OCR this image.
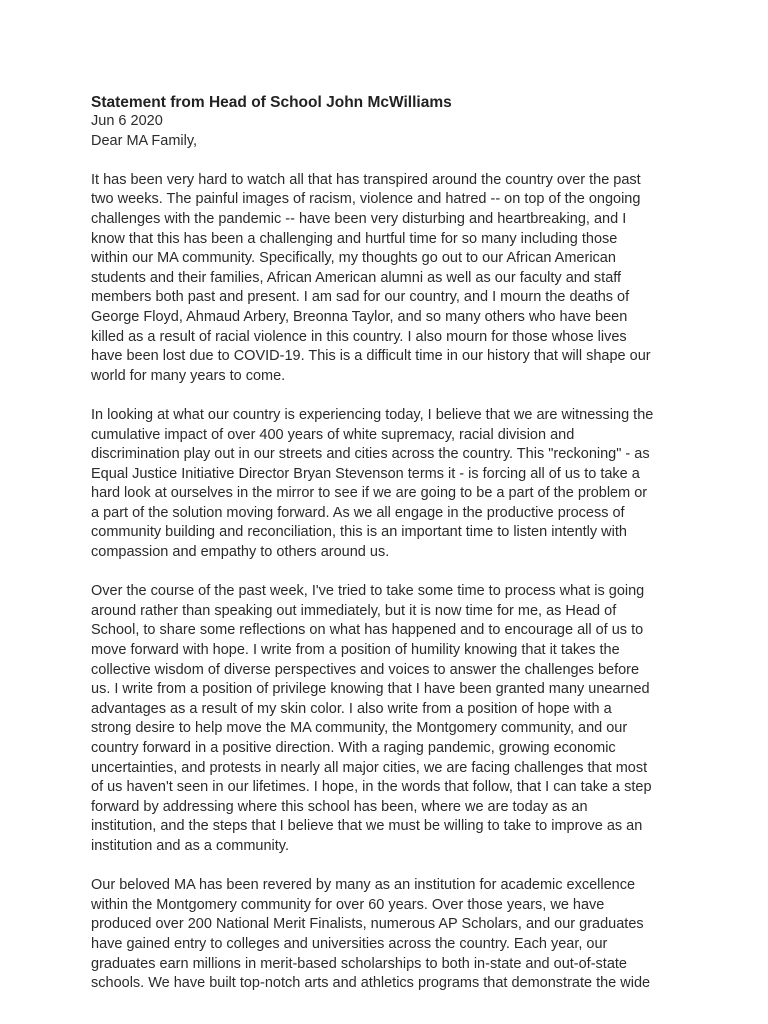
Statement from Head of School John McWilliams
Jun 6 2020
Dear MA Family,
It has been very hard to watch all that has transpired around the country over the past
two weeks. The painful images of racism, violence and hatred -- on top of the ongoing
challenges with the pandemic -- have been very disturbing and heartbreaking, and I
know that this has been a challenging and hurtful time for so many including those
within our MA community. Specifically, my thoughts go out to our African American
students and their families, African American alumni as well as our faculty and staff
members both past and present. I am sad for our country, and I mourn the deaths of
George Floyd, Ahmaud Arbery, Breonna Taylor, and so many others who have been
killed as a result of racial violence in this country. I also mourn for those whose lives
have been lost due to COVID-19. This is a difficult time in our history that will shape our
world for many years to come.
In looking at what our country is experiencing today, I believe that we are witnessing the
cumulative impact of over 400 years of white supremacy, racial division and
discrimination play out in our streets and cities across the country. This "reckoning" - as
Equal Justice Initiative Director Bryan Stevenson terms it - is forcing all of us to take a
hard look at ourselves in the mirror to see if we are going to be a part of the problem or
a part of the solution moving forward. As we all engage in the productive process of
community building and reconciliation, this is an important time to listen intently with
compassion and empathy to others around us.
Over the course of the past week, I've tried to take some time to process what is going
around rather than speaking out immediately, but it is now time for me, as Head of
School, to share some reflections on what has happened and to encourage all of us to
move forward with hope. I write from a position of humility knowing that it takes the
collective wisdom of diverse perspectives and voices to answer the challenges before
us. I write from a position of privilege knowing that I have been granted many unearned
advantages as a result of my skin color. I also write from a position of hope with a
strong desire to help move the MA community, the Montgomery community, and our
country forward in a positive direction. With a raging pandemic, growing economic
uncertainties, and protests in nearly all major cities, we are facing challenges that most
of us haven't seen in our lifetimes. I hope, in the words that follow, that I can take a step
forward by addressing where this school has been, where we are today as an
institution, and the steps that I believe that we must be willing to take to improve as an
institution and as a community.
Our beloved MA has been revered by many as an institution for academic excellence
within the Montgomery community for over 60 years. Over those years, we have
produced over 200 National Merit Finalists, numerous AP Scholars, and our graduates
have gained entry to colleges and universities across the country. Each year, our
graduates earn millions in merit-based scholarships to both in-state and out-of-state
schools. We have built top-notch arts and athletics programs that demonstrate the wide
